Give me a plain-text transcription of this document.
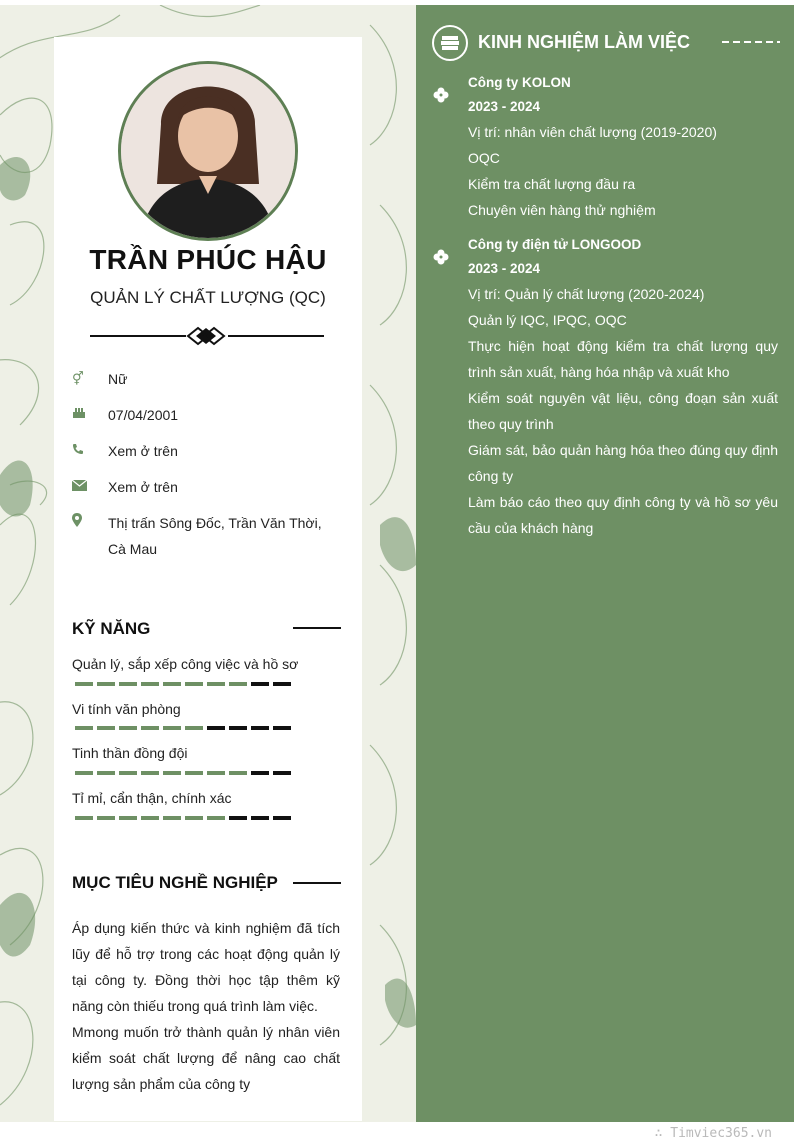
TRẦN PHÚC HẬU
QUẢN LÝ CHẤT LƯỢNG (QC)
⚥	Nữ
07/04/2001
Xem ở trên
Xem ở trên
Thị trấn Sông Đốc, Trần Văn Thời, Cà Mau
KỸ NĂNG
Quản lý, sắp xếp công việc và hồ sơ
Vi tính văn phòng
Tinh thần đồng đội
Tỉ mỉ, cẩn thận, chính xác
MỤC TIÊU NGHỀ NGHIỆP

Áp dụng kiến thức và kinh nghiệm đã tích lũy để hỗ trợ trong các hoạt động quản lý tại công ty. Đồng thời học tập thêm kỹ năng còn thiếu trong quá trình làm việc.

Mmong muốn trở thành quản lý nhân viên kiểm soát chất lượng để nâng cao chất lượng sản phẩm của công ty

KINH NGHIỆM LÀM VIỆC
Công ty KOLON
2023 - 2024
Vị trí: nhân viên chất lượng (2019-2020)
OQC
Kiểm tra chất lượng đầu ra
Chuyên viên hàng thử nghiệm
Công ty điện tử LONGOOD
2023 - 2024
Vị trí: Quản lý chất lượng (2020-2024)
Quản lý IQC, IPQC, OQC
Thực hiện hoạt động kiểm tra chất lượng quy trình sản xuất, hàng hóa nhập và xuất kho
Kiểm soát nguyên vật liệu, công đoạn sản xuất theo quy trình
Giám sát, bảo quản hàng hóa theo đúng quy định công ty
Làm báo cáo theo quy định công ty và hồ sơ yêu cầu của khách hàng
∴ Timviec365.vn
